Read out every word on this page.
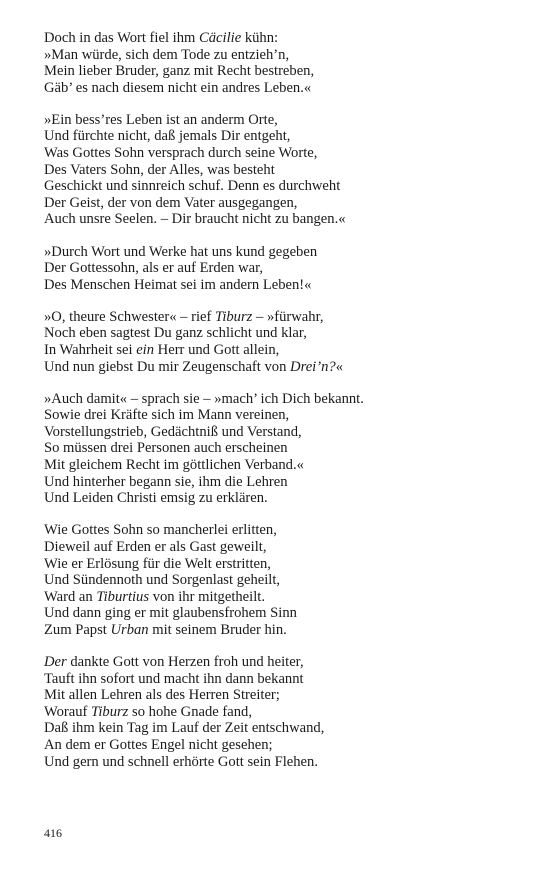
Doch in das Wort fiel ihm Cäcilie kühn:
»Man würde, sich dem Tode zu entzieh’n,
Mein lieber Bruder, ganz mit Recht bestreben,
Gäb’ es nach diesem nicht ein andres Leben.«
»Ein bess’res Leben ist an anderm Orte,
Und fürchte nicht, daß jemals Dir entgeht,
Was Gottes Sohn versprach durch seine Worte,
Des Vaters Sohn, der Alles, was besteht
Geschickt und sinnreich schuf. Denn es durchweht
Der Geist, der von dem Vater ausgegangen,
Auch unsre Seelen. – Dir braucht nicht zu bangen.«
»Durch Wort und Werke hat uns kund gegeben
Der Gottessohn, als er auf Erden war,
Des Menschen Heimat sei im andern Leben!«
»O, theure Schwester« – rief Tiburz – »fürwahr,
Noch eben sagtest Du ganz schlicht und klar,
In Wahrheit sei ein Herr und Gott allein,
Und nun giebst Du mir Zeugenschaft von Drei’n?«
»Auch damit« – sprach sie – »mach’ ich Dich bekannt.
Sowie drei Kräfte sich im Mann vereinen,
Vorstellungstrieb, Gedächtniß und Verstand,
So müssen drei Personen auch erscheinen
Mit gleichem Recht im göttlichen Verband.«
Und hinterher begann sie, ihm die Lehren
Und Leiden Christi emsig zu erklären.
Wie Gottes Sohn so mancherlei erlitten,
Dieweil auf Erden er als Gast geweilt,
Wie er Erlösung für die Welt erstritten,
Und Sündennoth und Sorgenlast geheilt,
Ward an Tiburtius von ihr mitgetheilt.
Und dann ging er mit glaubensfrohem Sinn
Zum Papst Urban mit seinem Bruder hin.
Der dankte Gott von Herzen froh und heiter,
Tauft ihn sofort und macht ihn dann bekannt
Mit allen Lehren als des Herren Streiter;
Worauf Tiburz so hohe Gnade fand,
Daß ihm kein Tag im Lauf der Zeit entschwand,
An dem er Gottes Engel nicht gesehen;
Und gern und schnell erhörte Gott sein Flehen.
416
